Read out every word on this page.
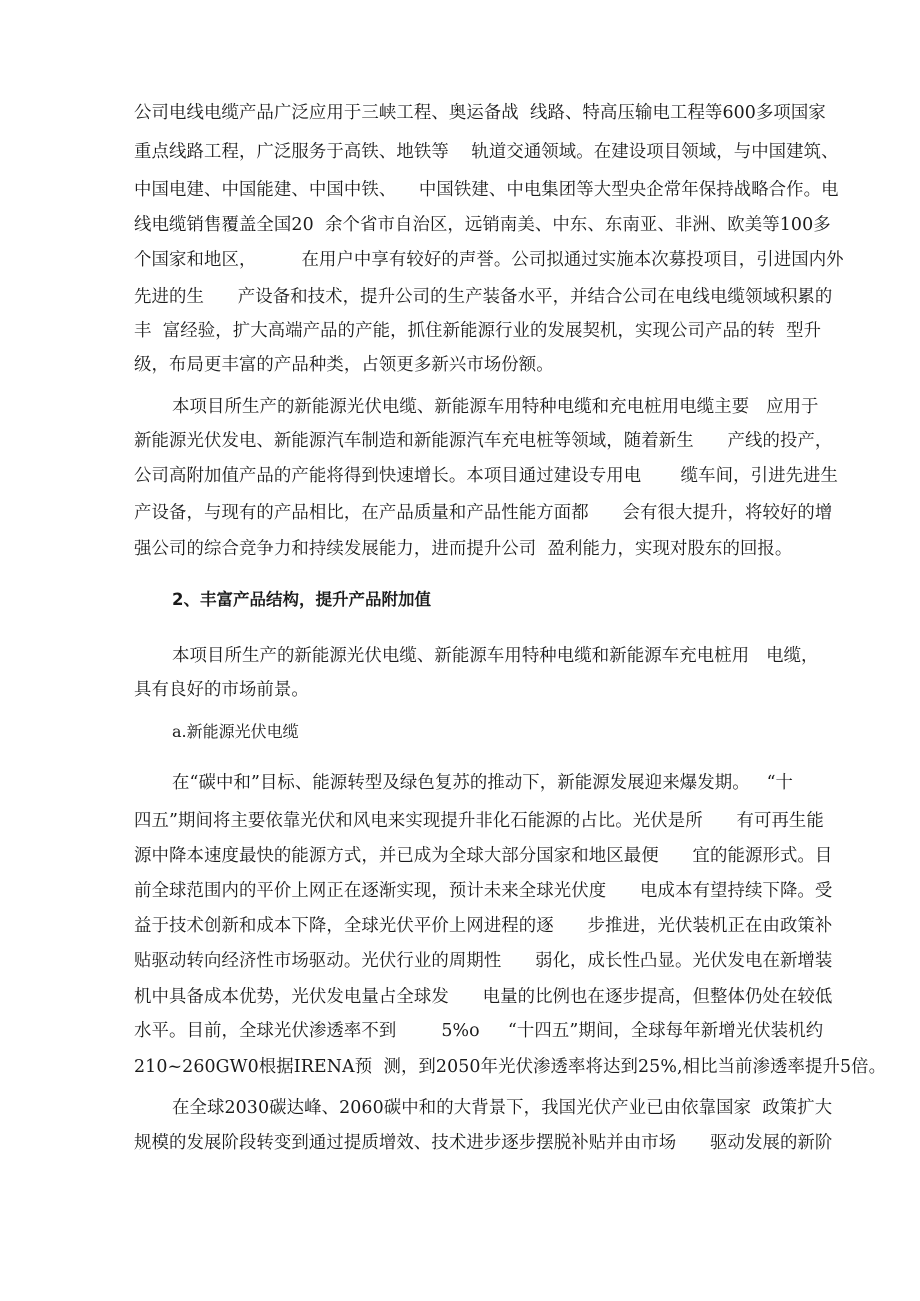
公司电线电缆产品广泛应用于三峡工程、奥运备战  线路、特高压输电工程等600多项国家
重点线路工程，广泛服务于高铁、地铁等    轨道交通领域。在建设项目领域，与中国建筑、
中国电建、中国能建、中国中铁、    中国铁建、中电集团等大型央企常年保持战略合作。电
线电缆销售覆盖全国20  余个省市自治区，远销南美、中东、东南亚、非洲、欧美等100多
个国家和地区，        在用户中享有较好的声誉。公司拟通过实施本次募投项目，引进国内外
先进的生      产设备和技术，提升公司的生产装备水平，并结合公司在电线电缆领域积累的
丰  富经验，扩大高端产品的产能，抓住新能源行业的发展契机，实现公司产品的转  型升
级，布局更丰富的产品种类，占领更多新兴市场份额。
本项目所生产的新能源光伏电缆、新能源车用特种电缆和充电桩用电缆主要   应用于
新能源光伏发电、新能源汽车制造和新能源汽车充电桩等领域，随着新生      产线的投产，
公司高附加值产品的产能将得到快速增长。本项目通过建设专用电       缆车间，引进先进生
产设备，与现有的产品相比，在产品质量和产品性能方面都      会有很大提升，将较好的增
强公司的综合竞争力和持续发展能力，进而提升公司  盈利能力，实现对股东的回报。
2、丰富产品结构，提升产品附加值
本项目所生产的新能源光伏电缆、新能源车用特种电缆和新能源车充电桩用   电缆，
具有良好的市场前景。
a.新能源光伏电缆
在“碳中和”目标、能源转型及绿色复苏的推动下，新能源发展迎来爆发期。   “十
四五”期间将主要依靠光伏和风电来实现提升非化石能源的占比。光伏是所      有可再生能
源中降本速度最快的能源方式，并已成为全球大部分国家和地区最便      宜的能源形式。目
前全球范围内的平价上网正在逐渐实现，预计未来全球光伏度      电成本有望持续下降。受
益于技术创新和成本下降，全球光伏平价上网进程的逐      步推进，光伏装机正在由政策补
贴驱动转向经济性市场驱动。光伏行业的周期性      弱化，成长性凸显。光伏发电在新增装
机中具备成本优势，光伏发电量占全球发      电量的比例也在逐步提高，但整体仍处在较低
水平。目前，全球光伏渗透率不到        5%o     “十四五”期间，全球每年新增光伏装机约
210~260GW0根据IRENA预  测，到2050年光伏渗透率将达到25%,相比当前渗透率提升5倍。
在全球2030碳达峰、2060碳中和的大背景下，我国光伏产业已由依靠国家  政策扩大
规模的发展阶段转变到通过提质增效、技术进步逐步摆脱补贴并由市场      驱动发展的新阶
